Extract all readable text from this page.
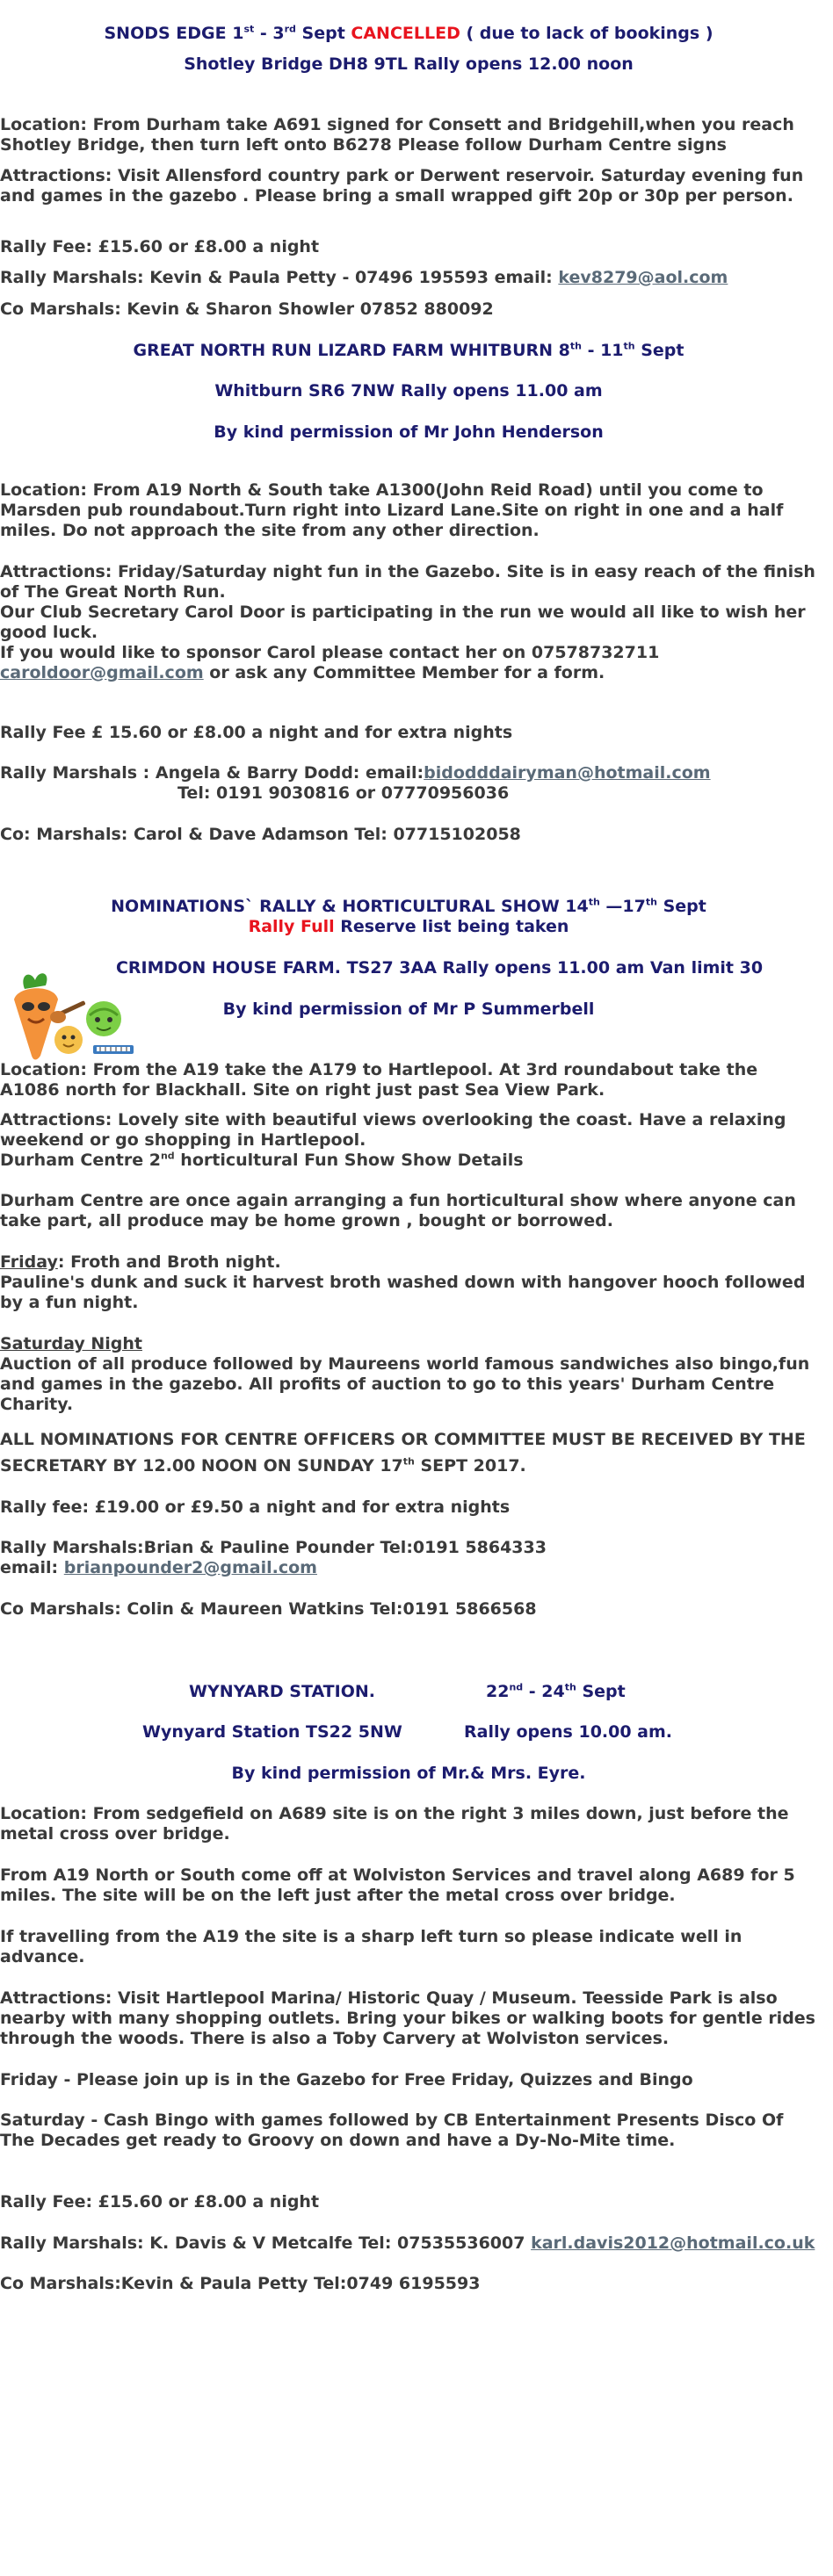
SNODS EDGE 1st - 3rd Sept CANCELLED ( due to lack of bookings )

Shotley Bridge DH8 9TL Rally opens 12.00 noon

Location: From Durham take A691 signed for Consett and Bridgehill,when you reach Shotley Bridge, then turn left onto B6278 Please follow Durham Centre signs

Attractions: Visit Allensford country park or Derwent reservoir. Saturday evening fun and games in the gazebo . Please bring a small wrapped gift 20p or 30p per person.

Rally Fee: £15.60 or £8.00 a night

Rally Marshals: Kevin & Paula Petty - 07496 195593 email: kev8279@aol.com

Co Marshals: Kevin & Sharon Showler 07852 880092

GREAT NORTH RUN LIZARD FARM WHITBURN 8th - 11th Sept

Whitburn SR6 7NW Rally opens 11.00 am

By kind permission of Mr John Henderson

Location: From A19 North & South take A1300(John Reid Road) until you come to Marsden pub roundabout.Turn right into Lizard Lane.Site on right in one and a half miles. Do not approach the site from any other direction.

Attractions: Friday/Saturday night fun in the Gazebo. Site is in easy reach of the finish of The Great North Run.

Our Club Secretary Carol Door is participating in the run we would all like to wish her good luck.

If you would like to sponsor Carol please contact her on 07578732711

caroldoor@gmail.com or ask any Committee Member for a form.

Rally Fee £ 15.60 or £8.00 a night and for extra nights

Rally Marshals : Angela & Barry Dodd: email:bidodddairyman@hotmail.com

Tel: 0191 9030816 or 07770956036

Co: Marshals: Carol & Dave Adamson Tel: 07715102058

NOMINATIONS` RALLY & HORTICULTURAL SHOW 14th —17th Sept

Rally Full Reserve list being taken

CRIMDON HOUSE FARM. TS27 3AA Rally opens 11.00 am Van limit 30

By kind permission of Mr P Summerbell

Location: From the A19 take the A179 to Hartlepool. At 3rd roundabout take the A1086 north for Blackhall. Site on right just past Sea View Park.

Attractions: Lovely site with beautiful views overlooking the coast. Have a relaxing weekend or go shopping in Hartlepool.

Durham Centre 2nd horticultural Fun Show Show Details

Durham Centre are once again arranging a fun horticultural show where anyone can take part, all produce may be home grown , bought or borrowed.

Friday: Froth and Broth night.

Pauline's dunk and suck it harvest broth washed down with hangover hooch followed by a fun night.

Saturday Night

Auction of all produce followed by Maureens world famous sandwiches also bingo,fun and games in the gazebo. All profits of auction to go to this years' Durham Centre Charity.

ALL NOMINATIONS FOR CENTRE OFFICERS OR COMMITTEE MUST BE RECEIVED BY THE SECRETARY BY 12.00 NOON ON SUNDAY 17th SEPT 2017.

Rally fee: £19.00 or £9.50 a night and for extra nights

Rally Marshals:Brian & Pauline Pounder Tel:0191 5864333

email: brianpounder2@gmail.com

Co Marshals: Colin & Maureen Watkins Tel:0191 5866568

WYNYARD STATION.	22nd - 24th Sept

Wynyard Station TS22 5NW	Rally opens 10.00 am.

By kind permission of Mr.& Mrs. Eyre.

Location: From sedgefield on A689 site is on the right 3 miles down, just before the metal cross over bridge.

From A19 North or South come off at Wolviston Services and travel along A689 for 5 miles. The site will be on the left just after the metal cross over bridge.

If travelling from the A19 the site is a sharp left turn so please indicate well in advance.

Attractions: Visit Hartlepool Marina/ Historic Quay / Museum. Teesside Park is also nearby with many shopping outlets. Bring your bikes or walking boots for gentle rides through the woods. There is also a Toby Carvery at Wolviston services.

Friday - Please join up is in the Gazebo for Free Friday, Quizzes and Bingo

Saturday - Cash Bingo with games followed by CB Entertainment Presents Disco Of The Decades get ready to Groovy on down and have a Dy-No-Mite time.

Rally Fee: £15.60 or £8.00 a night

Rally Marshals: K. Davis & V Metcalfe Tel: 07535536007 karl.davis2012@hotmail.co.uk

Co Marshals:Kevin & Paula Petty Tel:0749 6195593
